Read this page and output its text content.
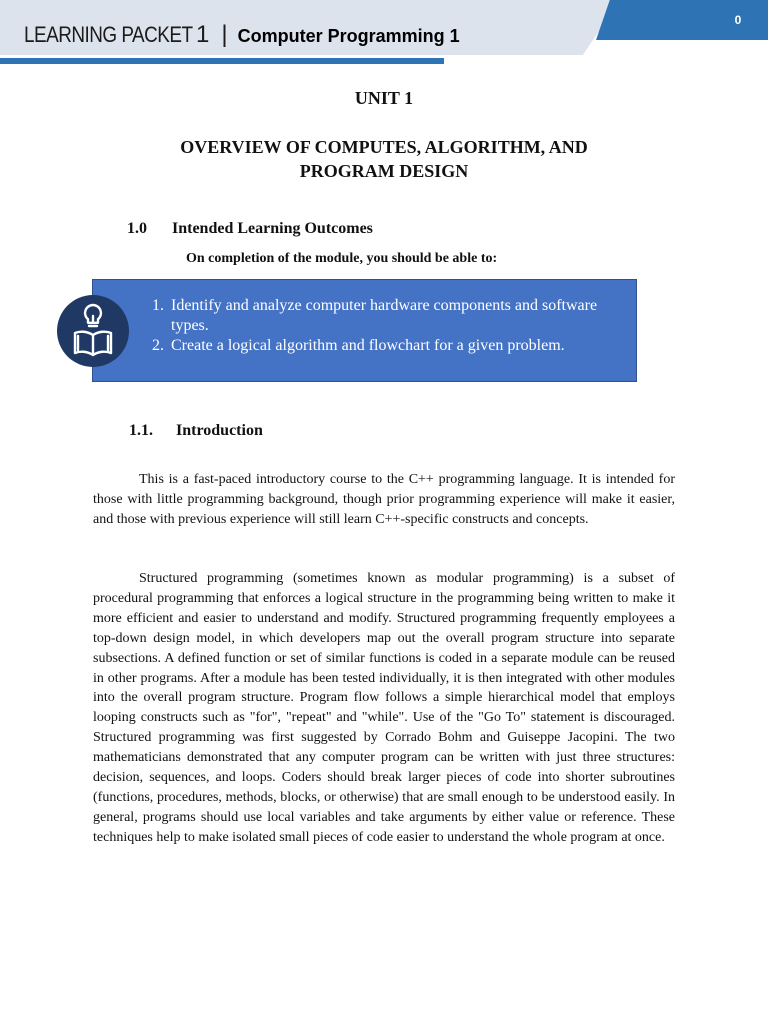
LEARNING PACKET 1 | Computer Programming 1
0
UNIT 1
OVERVIEW OF COMPUTES, ALGORITHM, AND PROGRAM DESIGN
1.0 Intended Learning Outcomes
On completion of the module, you should be able to:
1. Identify and analyze computer hardware components and software types.
2. Create a logical algorithm and flowchart for a given problem.
1.1. Introduction

This is a fast-paced introductory course to the C++ programming language. It is intended for those with little programming background, though prior programming experience will make it easier, and those with previous experience will still learn C++-specific constructs and concepts.

Structured programming (sometimes known as modular programming) is a subset of procedural programming that enforces a logical structure in the programming being written to make it more efficient and easier to understand and modify. Structured programming frequently employees a top-down design model, in which developers map out the overall program structure into separate subsections. A defined function or set of similar functions is coded in a separate module can be reused in other programs. After a module has been tested individually, it is then integrated with other modules into the overall program structure. Program flow follows a simple hierarchical model that employs looping constructs such as "for", "repeat" and "while". Use of the "Go To" statement is discouraged. Structured programming was first suggested by Corrado Bohm and Guiseppe Jacopini. The two mathematicians demonstrated that any computer program can be written with just three structures: decision, sequences, and loops. Coders should break larger pieces of code into shorter subroutines (functions, procedures, methods, blocks, or otherwise) that are small enough to be understood easily. In general, programs should use local variables and take arguments by either value or reference. These techniques help to make isolated small pieces of code easier to understand the whole program at once.
